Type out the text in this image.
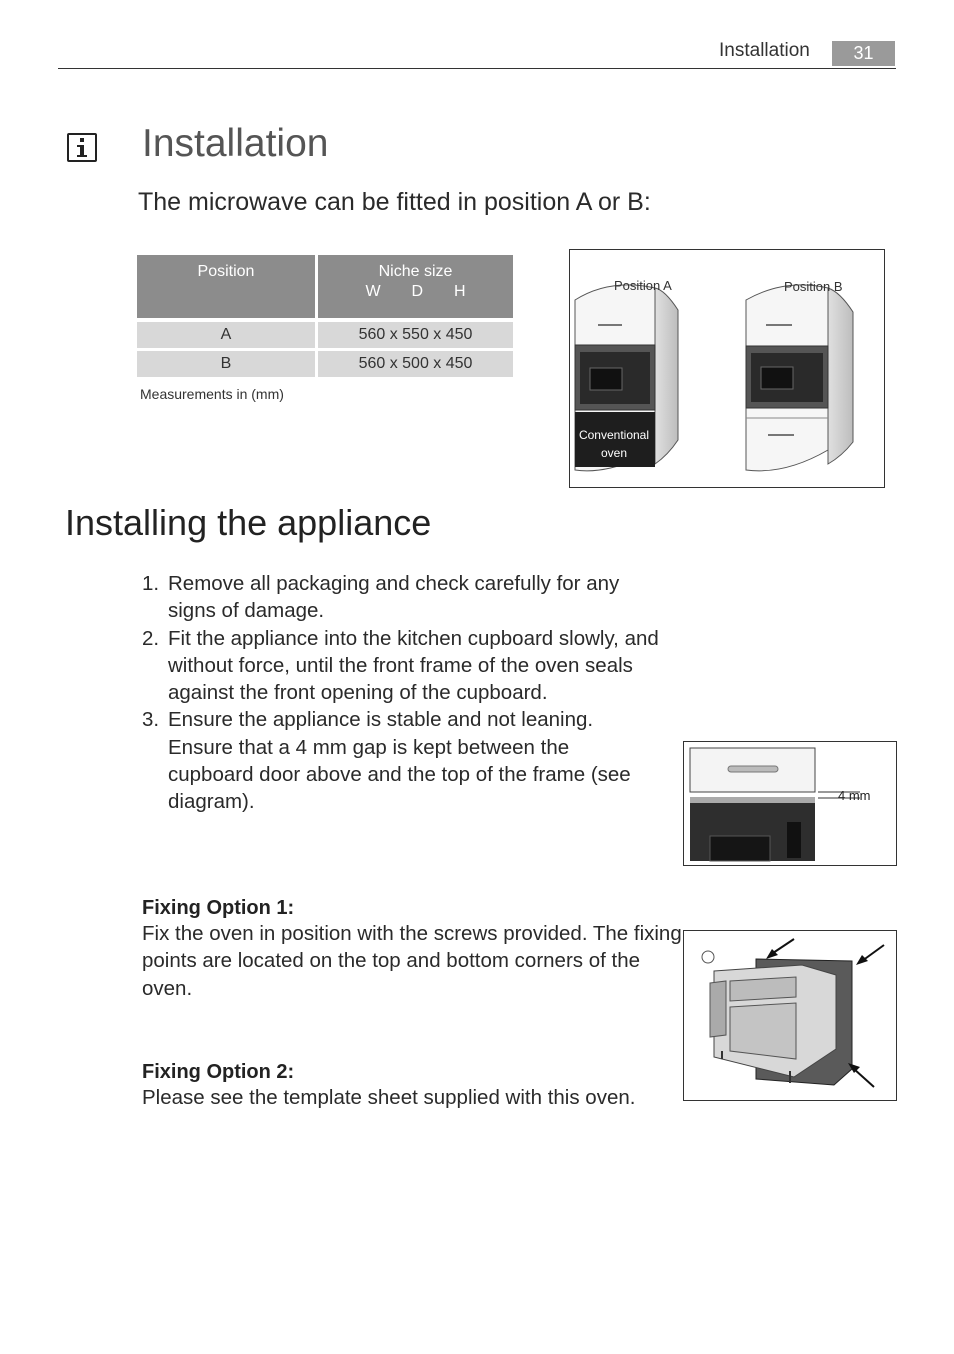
Installation	31
Installation
The microwave can be fitted in position A or B:
Position	Niche size
W D H
A	560 x 550 x 450
B	560 x 500 x 450
Measurements in (mm)
Position A	Position B
Conventional oven
Installing the appliance
1. Remove all packaging and check carefully for any signs of damage.
2. Fit the appliance into the kitchen cupboard slowly, and without force, until the front frame of the oven seals against the front opening of the cupboard.
3. Ensure the appliance is stable and not leaning. Ensure that a 4 mm gap is kept between the cupboard door above and the top of the frame (see diagram).	4 mm
Fixing Option 1:
Fix the oven in position with the screws provided. The fixing points are located on the top and bottom corners of the oven.
Fixing Option 2:
Please see the template sheet supplied with this oven.
